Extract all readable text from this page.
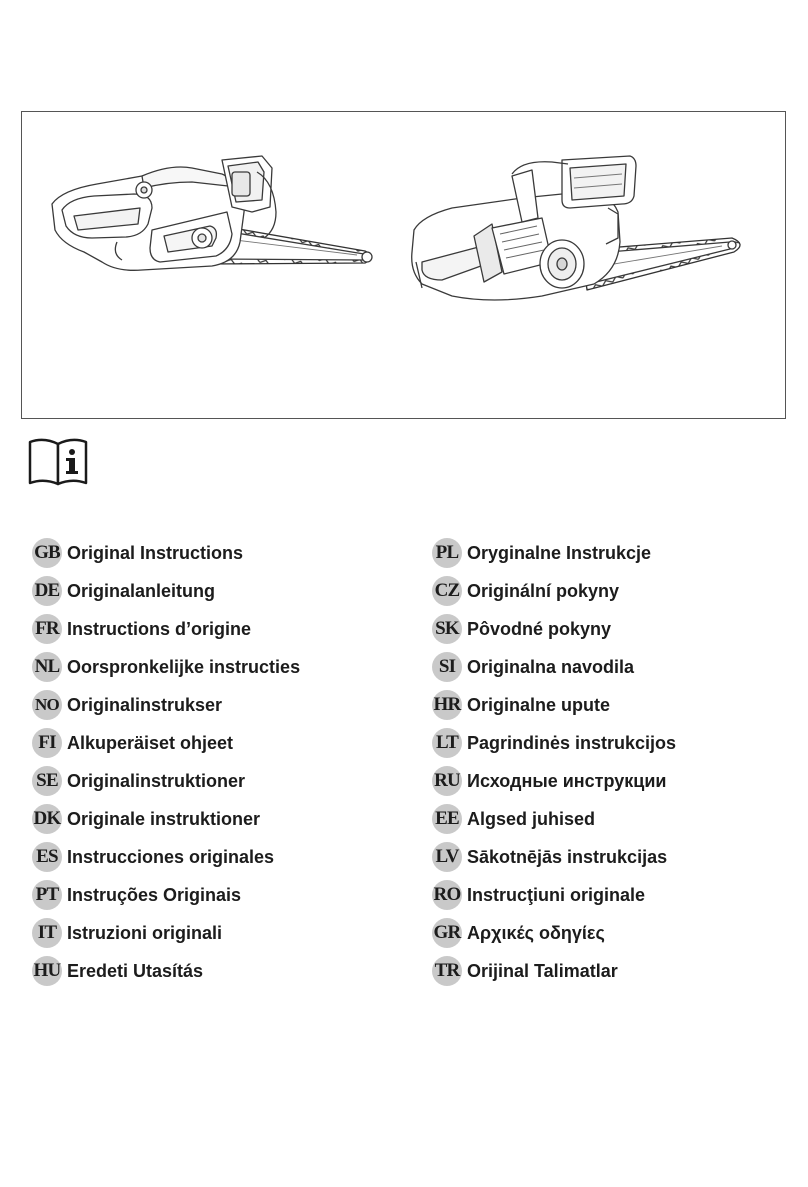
GB Original Instructions
DE Originalanleitung
FR Instructions d’origine
NL Oorspronkelijke instructies
NO Originalinstrukser
FI Alkuperäiset ohjeet
SE Originalinstruktioner
DK Originale instruktioner
ES Instrucciones originales
PT Instruções Originais
IT Istruzioni originali
HU Eredeti Utasítás
PL Oryginalne Instrukcje
CZ Originální pokyny
SK Pôvodné pokyny
SI Originalna navodila
HR Originalne upute
LT Pagrindinės instrukcijos
RU Исходные инструкции
EE Algsed juhised
LV Sākotnējās instrukcijas
RO Instrucţiuni originale
GR Αρχικές οδηγίες
TR Orijinal Talimatlar
